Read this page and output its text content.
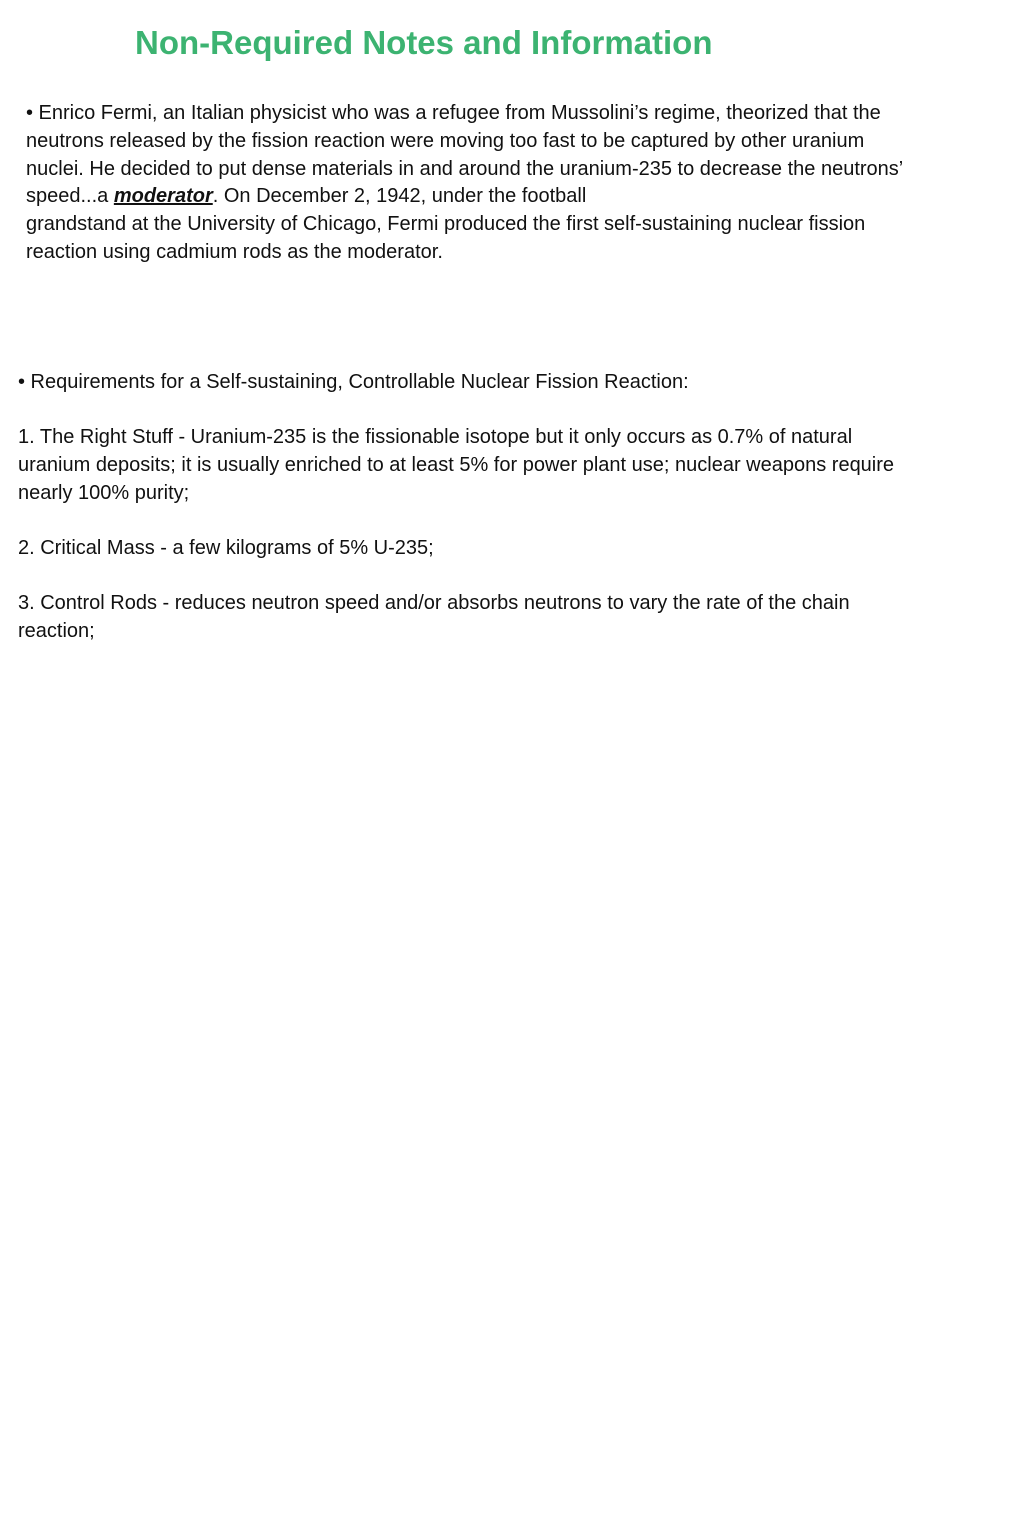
Non-Required Notes and Information

• Enrico Fermi, an Italian physicist who was a refugee from Mussolini’s regime, theorized that the
neutrons released by the fission reaction were moving too fast to be captured by other uranium
nuclei. He decided to put dense materials in and around the uranium-235 to decrease the neutrons’
speed...a moderator. On December 2, 1942, under the football
grandstand at the University of Chicago, Fermi produced the first self-sustaining nuclear fission
reaction using cadmium rods as the moderator.

• Requirements for a Self-sustaining, Controllable Nuclear Fission Reaction:

1. The Right Stuff - Uranium-235 is the fissionable isotope but it only occurs as 0.7% of natural
uranium deposits; it is usually enriched to at least 5% for power plant use; nuclear weapons require
nearly 100% purity;

2. Critical Mass - a few kilograms of 5% U-235;

3. Control Rods - reduces neutron speed and/or absorbs neutrons to vary the rate of the chain
reaction;
